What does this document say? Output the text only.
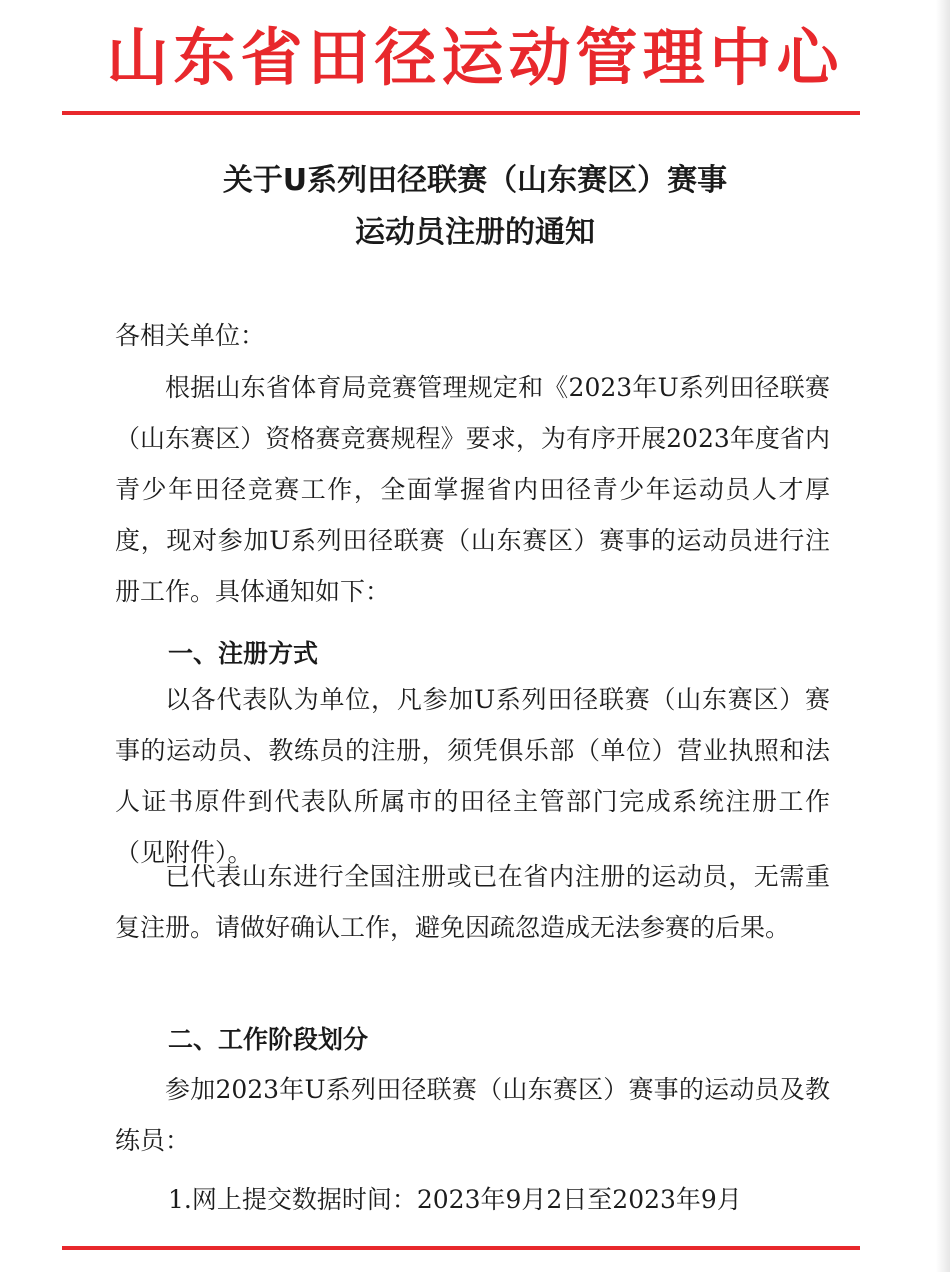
山东省田径运动管理中心
关于U系列田径联赛（山东赛区）赛事
运动员注册的通知
各相关单位：

根据山东省体育局竞赛管理规定和《2023年U系列田径联赛（山东赛区）资格赛竞赛规程》要求，为有序开展2023年度省内青少年田径竞赛工作，全面掌握省内田径青少年运动员人才厚度，现对参加U系列田径联赛（山东赛区）赛事的运动员进行注册工作。具体通知如下：

一、注册方式

以各代表队为单位，凡参加U系列田径联赛（山东赛区）赛事的运动员、教练员的注册，须凭俱乐部（单位）营业执照和法人证书原件到代表队所属市的田径主管部门完成系统注册工作（见附件）。

已代表山东进行全国注册或已在省内注册的运动员，无需重复注册。请做好确认工作，避免因疏忽造成无法参赛的后果。

二、工作阶段划分

参加2023年U系列田径联赛（山东赛区）赛事的运动员及教练员：

1.网上提交数据时间：2023年9月2日至2023年9月
